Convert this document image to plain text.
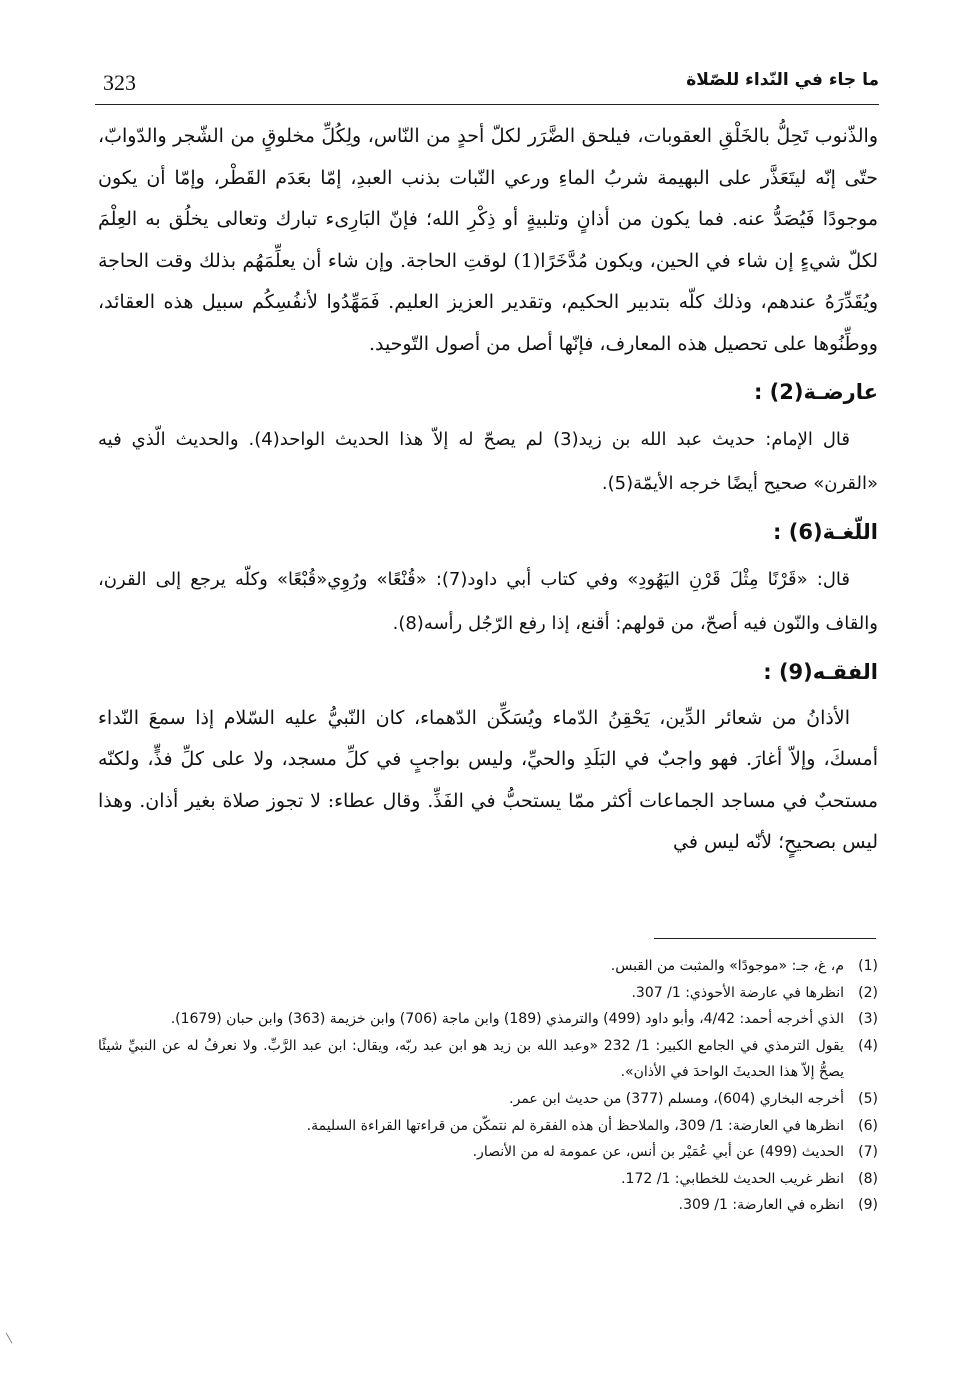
323	ما جاء في النّداء للصّلاة

والذّنوب تَحِلُّ بالخَلْقِ العقوبات، فيلحق الضَّرَر لكلّ أحدٍ من النّاس، ولِكُلِّ مخلوقٍ من الشّجر والدّوابّ، حتّى إنّه ليتَعَذَّر على البهيمة شربُ الماءِ ورعي النّبات بذنب العبدِ، إمّا بعَدَم القَطْر، وإمّا أن يكون موجودًا فَيُصَدُّ عنه. فما يكون من أذانٍ وتلبيةٍ أو ذِكْرِ الله؛ فإنّ البَارِىء تبارك وتعالى يخلُق به العِلْمَ لكلّ شيءٍ إن شاء في الحين، ويكون مُدَّخَرًا(1) لوقتِ الحاجة. وإن شاء أن يعلِّمَهُم بذلك وقت الحاجة ويُقَدِّرَهُ عندهم، وذلك كلّه بتدبير الحكيم، وتقدير العزيز العليم. فَمَهِّدُوا لأنفُسِكُم سبيل هذه العقائد، ووطِّنُوها على تحصيل هذه المعارف، فإنّها أصل من أصول التّوحيد.

عارضـة(2) :

قال الإمام: حديث عبد الله بن زيد(3) لم يصحّ له إلاّ هذا الحديث الواحد(4). والحديث الّذي فيه «القرن» صحيح أيضًا خرجه الأيمّة(5).

اللّغـة(6) :

قال: «قَرْنًا مِثْلَ قَرْنِ اليَهُودِ» وفي كتاب أبي داود(7): «قُنْعًا» ورُوِي«قُبْعًا» وكلّه يرجع إلى القرن، والقاف والنّون فيه أصحّ، من قولهم: أقنع، إذا رفع الرّجُل رأسه(8).

الفقـه(9) :

الأذانُ من شعائر الدِّين، يَحْقِنُ الدّماء ويُسَكِّن الدّهماء، كان النّبيُّ عليه السّلام إذا سمعَ النّداء أمسكَ، وإلاّ أغارَ. فهو واجبٌ في البَلَدِ والحيِّ، وليس بواجبٍ في كلِّ مسجد، ولا على كلِّ فذٍّ، ولكنّه مستحبٌ في مساجد الجماعات أكثر ممّا يستحبُّ في الفَذِّ. وقال عطاء: لا تجوز صلاة بغير أذان. وهذا ليس بصحيحٍ؛ لأنّه ليس في

(1)
م، غ، جـ: «موجودًا» والمثبت من القبس.
(2)
انظرها في عارضة الأحوذي: 1/ 307.
(3)
الذي أخرجه أحمد: 4/42، وأبو داود (499) والترمذي (189) وابن ماجة (706) وابن خزيمة (363) وابن حبان (1679).
(4)
يقول الترمذي في الجامع الكبير: 1/ 232 «وعبد الله بن زيد هو ابن عبد ربّه، ويقال: ابن عبد الرَّبِّ. ولا نعرفُ له عن النبيِّ شيئًا يصحُّ إلاّ هذا الحديثَ الواحدَ في الأذان».
(5)
أخرجه البخاري (604)، ومسلم (377) من حديث ابن عمر.
(6)
انظرها في العارضة: 1/ 309، والملاحظ أن هذه الفقرة لم نتمكّن من قراءتها القراءة السليمة.
(7)
الحديث (499) عن أبي عُمَيْر بن أنس، عن عمومة له من الأنصار.
(8)
انظر غريب الحديث للخطابي: 1/ 172.
(9)
انظره في العارضة: 1/ 309.
